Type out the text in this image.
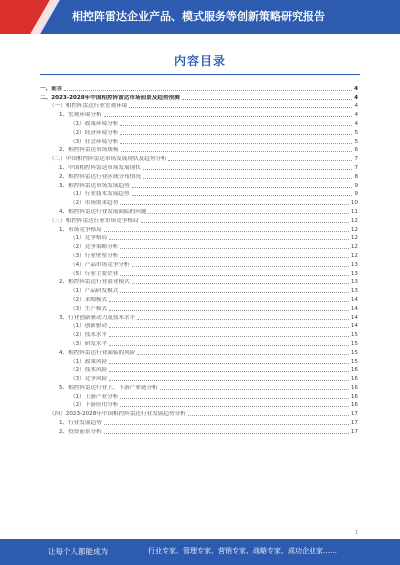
相控阵雷达企业产品、模式服务等创新策略研究报告
内容目录
一、前言	4
二、2023-2028年中国相控阵雷达市场前景及趋势预测	4
（一）相控阵雷达行业宏观环境	4
1、宏观环境分析	4
（1）政策环境分析	4
（2）经济环境分析	5
（3）社会环境分析	5
2、相控阵雷达市场规模	6
（二）中国相控阵雷达市场发展现状及趋势分析	7
1、中国相控阵雷达市场发展现状	7
2、相控阵雷达行业区域分布情况	8
3、相控阵雷达市场发展趋势	9
（1）行业技术发展趋势	9
（2）市场需求趋势	10
4、相控阵雷达行业发展面临的问题	11
（三）相控阵雷达行业市场竞争格局	12
1、市场竞争格局	12
（1）竞争格局	12
（2）竞争策略分析	12
（3）行业壁垒分析	12
（4）产品市场竞争分析	13
（5）行业主要企业	13
2、相控阵雷达行业商业模式	13
（1）产品研发模式	13
（2）采购模式	14
（3）生产模式	14
3、行业创新驱动力及技术水平	14
（1）创新驱动	14
（2）技术水平	15
（3）研发水平	15
4、相控阵雷达行业面临的风险	15
（1）政策风险	15
（2）技术风险	16
（3）竞争风险	16
5、相控阵雷达行业上、下游产业链分析	16
（1）上游产业分析	16
（2）下游应用分析	16
（四）2023-2028年中国相控阵雷达行业发展趋势分析	17
1、行业发展趋势	17
2、投资前景分析	17
1
让每个人都能成为	行业专家、管理专家、营销专家、战略专家、成功企业家……
